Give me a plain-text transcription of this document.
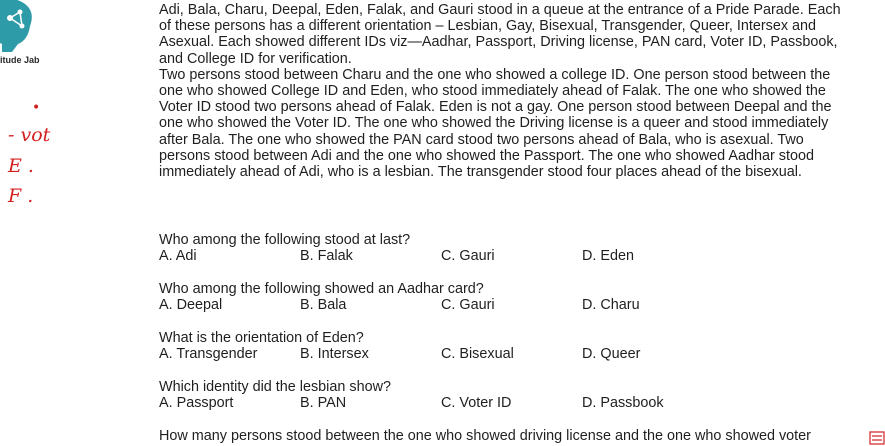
itude Jab
•
- vot
E .
F .

Adi, Bala, Charu, Deepal, Eden, Falak, and Gauri stood in a queue at the entrance of a Pride Parade. Each

of these persons has a different orientation – Lesbian, Gay, Bisexual, Transgender, Queer, Intersex and

Asexual. Each showed different IDs viz—Aadhar, Passport, Driving license, PAN card, Voter ID, Passbook,

and College ID for verification.

Two persons stood between Charu and the one who showed a college ID. One person stood between the

one who showed College ID and Eden, who stood immediately ahead of Falak. The one who showed the

Voter ID stood two persons ahead of Falak. Eden is not a gay. One person stood between Deepal and the

one who showed the Voter ID. The one who showed the Driving license is a queer and stood immediately

after Bala. The one who showed the PAN card stood two persons ahead of Bala, who is asexual. Two

persons stood between Adi and the one who showed the Passport. The one who showed Aadhar stood

immediately ahead of Adi, who is a lesbian. The transgender stood four places ahead of the bisexual.

Who among the following stood at last?
A. Adi	B. Falak	C. Gauri	D. Eden
Who among the following showed an Aadhar card?
A. Deepal	B. Bala	C. Gauri	D. Charu
What is the orientation of Eden?
A. Transgender	B. Intersex	C. Bisexual	D. Queer
Which identity did the lesbian show?
A. Passport	B. PAN	C. Voter ID	D. Passbook
How many persons stood between the one who showed driving license and the one who showed voter
